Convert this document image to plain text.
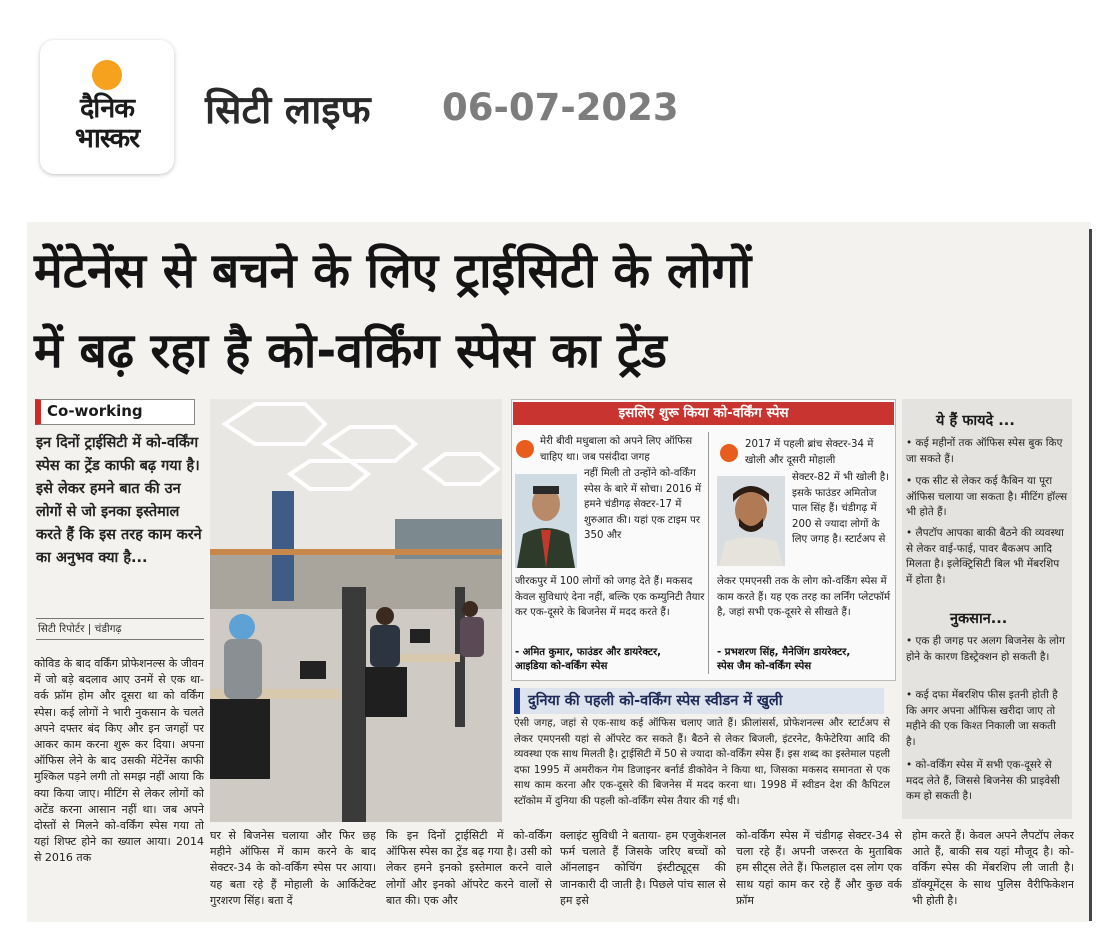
दैनिक
भास्कर
सिटी लाइफ 06-07-2023
मेंटेनेंस से बचने के लिए ट्राईसिटी के लोगों
में बढ़ रहा है को-वर्किंग स्पेस का ट्रेंड
Co-working
इन दिनों ट्राईसिटी में को-वर्किंग स्पेस का ट्रेंड काफी बढ़ गया है। इसे लेकर हमने बात की उन लोगों से जो इनका इस्तेमाल करते हैं कि इस तरह काम करने का अनुभव क्या है...
सिटी रिपोर्टर | चंडीगढ़
कोविड के बाद वर्किंग प्रोफेशनल्स के जीवन में जो बड़े बदलाव आए उनमें से एक था-वर्क फ्रॉम होम और दूसरा था को वर्किंग स्पेस। कई लोगों ने भारी नुकसान के चलते अपने दफ्तर बंद किए और इन जगहों पर आकर काम करना शुरू कर दिया। अपना ऑफिस लेने के बाद उसकी मेंटेनेंस काफी मुश्किल पड़ने लगी तो समझ नहीं आया कि क्या किया जाए। मीटिंग से लेकर लोगों को अटेंड करना आसान नहीं था। जब अपने दोस्तों से मिलने को-वर्किंग स्पेस गया तो यहां शिफ्ट होने का ख्याल आया। 2014 से 2016 तक
घर से बिजनेस चलाया और फिर छह महीने ऑफिस में काम करने के बाद सेक्टर-34 के को-वर्किंग स्पेस पर आया। यह बता रहे हैं मोहाली के आर्किटेक्ट गुरशरण सिंह। बता दें
कि इन दिनों ट्राईसिटी में को-वर्किंग ऑफिस स्पेस का ट्रेंड बढ़ गया है। उसी को लेकर हमने इनको इस्तेमाल करने वाले लोगों और इनको ऑपरेट करने वालों से बात की। एक और
इसलिए शुरू किया को-वर्किंग स्पेस
मेरी बीवी मधुबाला को अपने लिए ऑफिस चाहिए था। जब पसंदीदा जगह
नहीं मिली तो उन्होंने को-वर्किंग स्पेस के बारे में सोचा। 2016 में हमने चंडीगढ़ सेक्टर-17 में शुरुआत की। यहां एक टाइम पर 350 और
जीरकपुर में 100 लोगों को जगह देते हैं। मकसद केवल सुविधाएं देना नहीं, बल्कि एक कम्युनिटी तैयार कर एक-दूसरे के बिजनेस में मदद करते हैं।
- अमित कुमार, फाउंडर और डायरेक्टर,
आइडिया को-वर्किंग स्पेस
2017 में पहली ब्रांच सेक्टर-34 में खोली और दूसरी मोहाली
सेक्टर-82 में भी खोली है। इसके फाउंडर अमितोज पाल सिंह हैं। चंडीगढ़ में 200 से ज्यादा लोगों के लिए जगह है। स्टार्टअप से
लेकर एमएनसी तक के लोग को-वर्किंग स्पेस में काम करते हैं। यह एक तरह का लर्निंग प्लेटफॉर्म है, जहां सभी एक-दूसरे से सीखते हैं।
- प्रभशरण सिंह, मैनेजिंग डायरेक्टर,
स्पेस जैम को-वर्किंग स्पेस
दुनिया की पहली को-वर्किंग स्पेस स्वीडन में खुली
ऐसी जगह, जहां से एक-साथ कई ऑफिस चलाए जाते हैं। फ्रीलांसर्स, प्रोफेशनल्स और स्टार्टअप से लेकर एमएनसी यहां से ऑपरेट कर सकते हैं। बैठने से लेकर बिजली, इंटरनेट, कैफेटेरिया आदि की व्यवस्था एक साथ मिलती है। ट्राईसिटी में 50 से ज्यादा को-वर्किंग स्पेस हैं। इस शब्द का इस्तेमाल पहली दफा 1995 में अमरीकन गेम डिजाइनर बर्नार्ड डीकोवेन ने किया था, जिसका मकसद समानता से एक साथ काम करना और एक-दूसरे की बिजनेस में मदद करना था। 1998 में स्वीडन देश की कैपिटल स्टॉकोम में दुनिया की पहली को-वर्किंग स्पेस तैयार की गई थी।
क्लाइंट सुविधी ने बताया- हम एजुकेशनल फर्म चलाते हैं जिसके जरिए बच्चों को ऑनलाइन कोचिंग इंस्टीट्यूट्स की जानकारी दी जाती है। पिछले पांच साल से हम इसे
को-वर्किंग स्पेस में चंडीगढ़ सेक्टर-34 से चला रहे हैं। अपनी जरूरत के मुताबिक हम सीट्स लेते हैं। फिलहाल दस लोग एक साथ यहां काम कर रहे हैं और कुछ वर्क फ्रॉम
होम करते हैं। केवल अपने लैपटॉप लेकर आते हैं, बाकी सब यहां मौजूद है। को-वर्किंग स्पेस की मेंबरशिप ली जाती है। डॉक्यूमेंट्स के साथ पुलिस वैरीफिकेशन भी होती है।
ये हैं फायदे ...
• कई महीनों तक ऑफिस स्पेस बुक किए जा सकते हैं।
• एक सीट से लेकर कई कैबिन या पूरा ऑफिस चलाया जा सकता है। मीटिंग हॉल्स भी होते हैं।
• लैपटॉप आपका बाकी बैठने की व्यवस्था से लेकर वाई-फाई, पावर बैकअप आदि मिलता है। इलेक्ट्रिसिटी बिल भी मेंबरशिप में होता है।
नुकसान...
• एक ही जगह पर अलग बिजनेस के लोग होने के कारण डिस्ट्रेक्शन हो सकती है।
• कई दफा मेंबरशिप फीस इतनी होती है कि अगर अपना ऑफिस खरीदा जाए तो महीने की एक किश्त निकाली जा सकती है।
• को-वर्किंग स्पेस में सभी एक-दूसरे से मदद लेते हैं, जिससे बिजनेस की प्राइवेसी कम हो सकती है।
